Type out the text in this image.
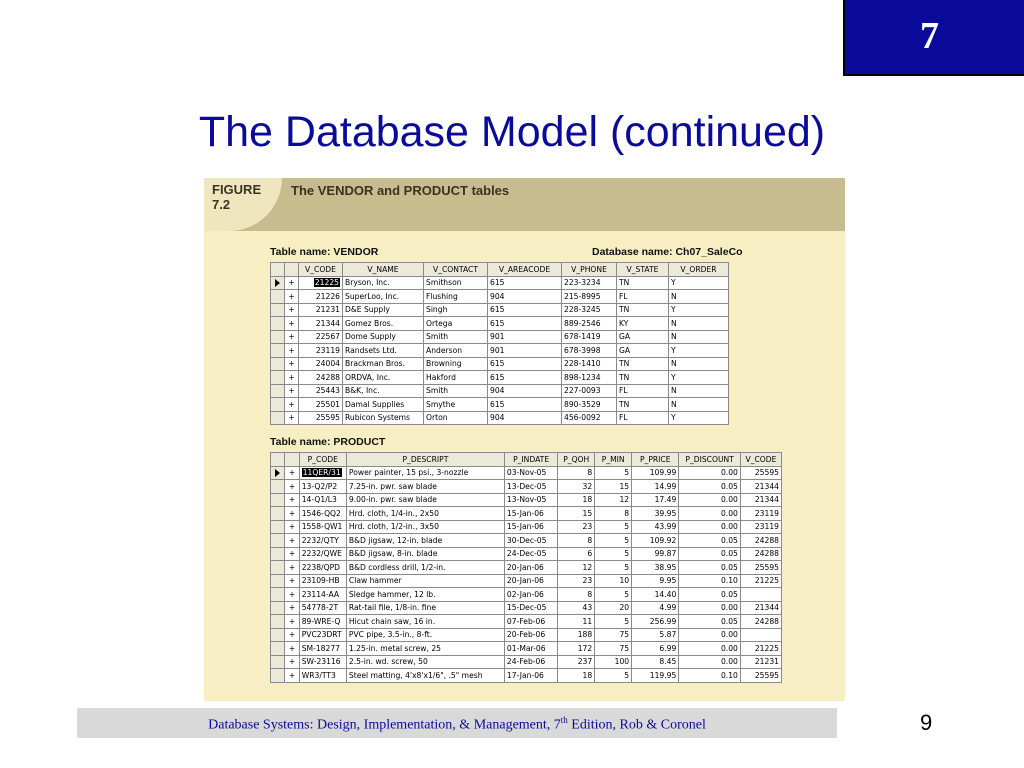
7
The Database Model (continued)
FIGURE
7.2
The VENDOR and PRODUCT tables
Table name: VENDOR	Database name: Ch07_SaleCo
		V_CODE	V_NAME	V_CONTACT	V_AREACODE	V_PHONE	V_STATE	V_ORDER
	+	21225	Bryson, Inc.	Smithson	615	223-3234	TN	Y
	+	21226	SuperLoo, Inc.	Flushing	904	215-8995	FL	N
	+	21231	D&E Supply	Singh	615	228-3245	TN	Y
	+	21344	Gomez Bros.	Ortega	615	889-2546	KY	N
	+	22567	Dome Supply	Smith	901	678-1419	GA	N
	+	23119	Randsets Ltd.	Anderson	901	678-3998	GA	Y
	+	24004	Brackman Bros.	Browning	615	228-1410	TN	N
	+	24288	ORDVA, Inc.	Hakford	615	898-1234	TN	Y
	+	25443	B&K, Inc.	Smith	904	227-0093	FL	N
	+	25501	Damal Supplies	Smythe	615	890-3529	TN	N
	+	25595	Rubicon Systems	Orton	904	456-0092	FL	Y
Table name: PRODUCT
		P_CODE	P_DESCRIPT	P_INDATE	P_QOH	P_MIN	P_PRICE	P_DISCOUNT	V_CODE
	+	11QER/31	Power painter, 15 psi., 3-nozzle	03-Nov-05	8	5	109.99	0.00	25595
	+	13-Q2/P2	7.25-in. pwr. saw blade	13-Dec-05	32	15	14.99	0.05	21344
	+	14-Q1/L3	9.00-in. pwr. saw blade	13-Nov-05	18	12	17.49	0.00	21344
	+	1546-QQ2	Hrd. cloth, 1/4-in., 2x50	15-Jan-06	15	8	39.95	0.00	23119
	+	1558-QW1	Hrd. cloth, 1/2-in., 3x50	15-Jan-06	23	5	43.99	0.00	23119
	+	2232/QTY	B&D jigsaw, 12-in. blade	30-Dec-05	8	5	109.92	0.05	24288
	+	2232/QWE	B&D jigsaw, 8-in. blade	24-Dec-05	6	5	99.87	0.05	24288
	+	2238/QPD	B&D cordless drill, 1/2-in.	20-Jan-06	12	5	38.95	0.05	25595
	+	23109-HB	Claw hammer	20-Jan-06	23	10	9.95	0.10	21225
	+	23114-AA	Sledge hammer, 12 lb.	02-Jan-06	8	5	14.40	0.05	
	+	54778-2T	Rat-tail file, 1/8-in. fine	15-Dec-05	43	20	4.99	0.00	21344
	+	89-WRE-Q	Hicut chain saw, 16 in.	07-Feb-06	11	5	256.99	0.05	24288
	+	PVC23DRT	PVC pipe, 3.5-in., 8-ft.	20-Feb-06	188	75	5.87	0.00	
	+	SM-18277	1.25-in. metal screw, 25	01-Mar-06	172	75	6.99	0.00	21225
	+	SW-23116	2.5-in. wd. screw, 50	24-Feb-06	237	100	8.45	0.00	21231
	+	WR3/TT3	Steel matting, 4'x8'x1/6", .5" mesh	17-Jan-06	18	5	119.95	0.10	25595
Database Systems: Design, Implementation, & Management, 7th Edition, Rob & Coronel	9
